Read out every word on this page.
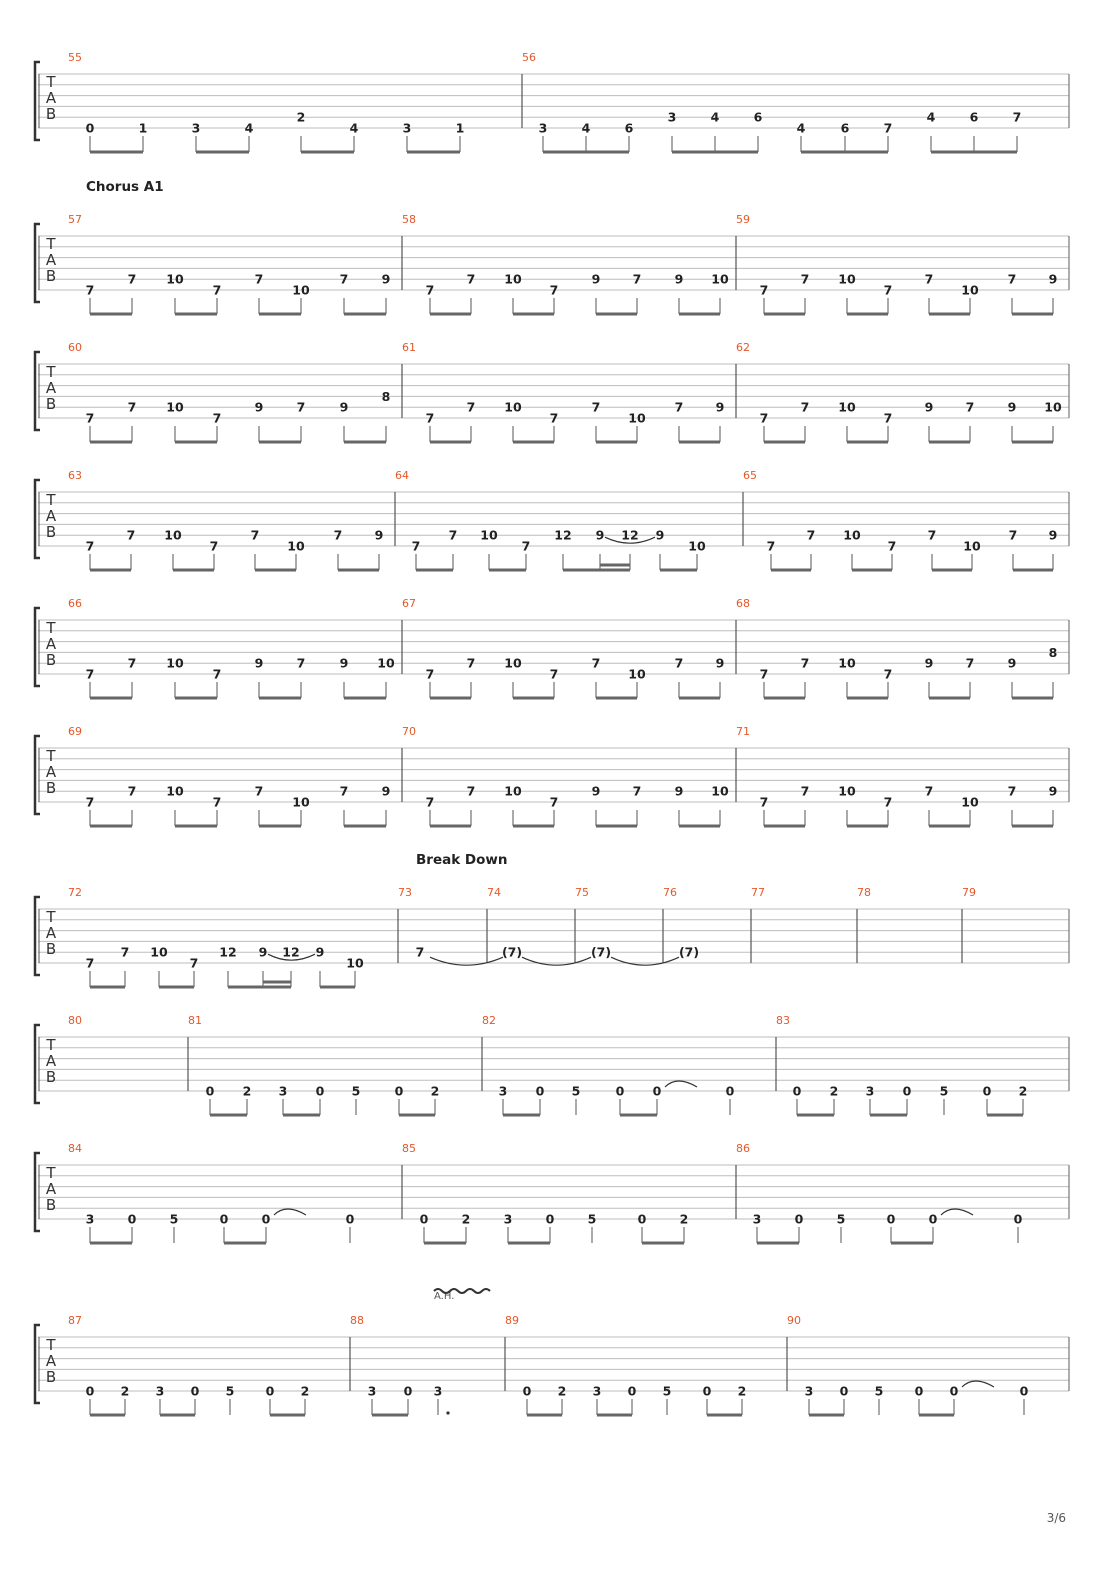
T
A
B
55
0	1	3	4
2
4	3	1
56
3	4	6
3	4	6
4	6	7
4	6	7
Chorus A1
T
A
B
57
7
7 10
7
7
10
7	9
58
7
7 10
7
9	7	9 10
59
7
7 10
7
7
10
7	9
T
A
B
60
7
7 10
7
9	7	9
8
61
7
7 10
7
7
10
7	9
62
7
7 10
7
9	7	9 10
T
A
B
63
7
7 10
7
7
10
7	9
64
7
7 10
7
12 9 12 9
10
65
7
7 10
7
7
10
7	9
T
A
B
66
7
7 10
7
9	7	9 10
67
7
7 10
7
7
10
7	9
68
7
7 10
7
9	7	9
8
T
A
B
69
7
7 10
7
7
10
7	9
70
7
7 10
7
9	7	9 10
71
7
7 10
7
7
10
7	9
Break Down
T
A
B
72
7
7 10
7
12 9 12 9
10
73
7
74
(7)
75
(7)
76
(7)
77	78	79
T
A
B
80	81
0 2 3 0 5	0 2
82
3 0 5	0 0	0
83
0 2 3 0 5	0 2
T
A
B
84
3	0	5	0	0	0
85
0	2	3	0	5	0	2
86
3	0	5	0	0	0
A.H.
T
A
B
87
0 2 3 0 5	0 2
88
3 0 3
89
0 2 3 0 5	0 2
90
3 0 5	0 0	0
3/6
